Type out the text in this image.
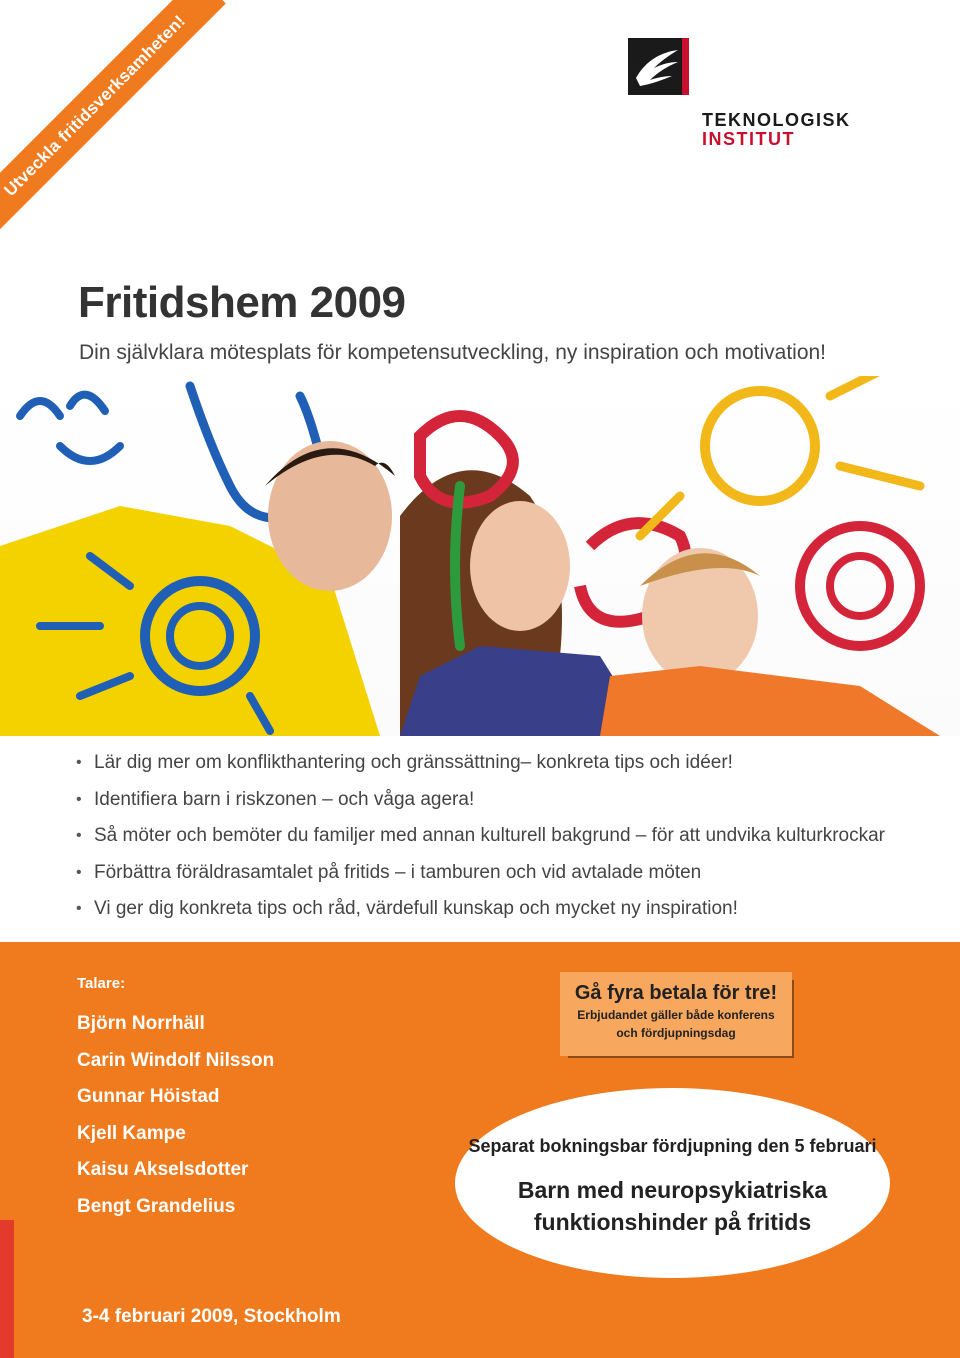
Utveckla fritidsverksamheten!	TEKNOLOGISK
INSTITUT
Fritidshem 2009
Din självklara mötesplats för kompetensutveckling, ny inspiration och motivation!
• Lär dig mer om konflikthantering och gränssättning– konkreta tips och idéer!
• Identifiera barn i riskzonen – och våga agera!
• Så möter och bemöter du familjer med annan kulturell bakgrund – för att undvika kulturkrockar
• Förbättra föräldrasamtalet på fritids – i tamburen och vid avtalade möten
• Vi ger dig konkreta tips och råd, värdefull kunskap och mycket ny inspiration!
Talare:
Björn Norrhäll
Carin Windolf Nilsson
Gunnar Höistad
Kjell Kampe
Kaisu Akselsdotter
Bengt Grandelius
Gå fyra betala för tre!
Erbjudandet gäller både konferens
och fördjupningsdag
Separat bokningsbar fördjupning den 5 februari
Barn med neuropsykiatriska
funktionshinder på fritids
3-4 februari 2009, Stockholm
